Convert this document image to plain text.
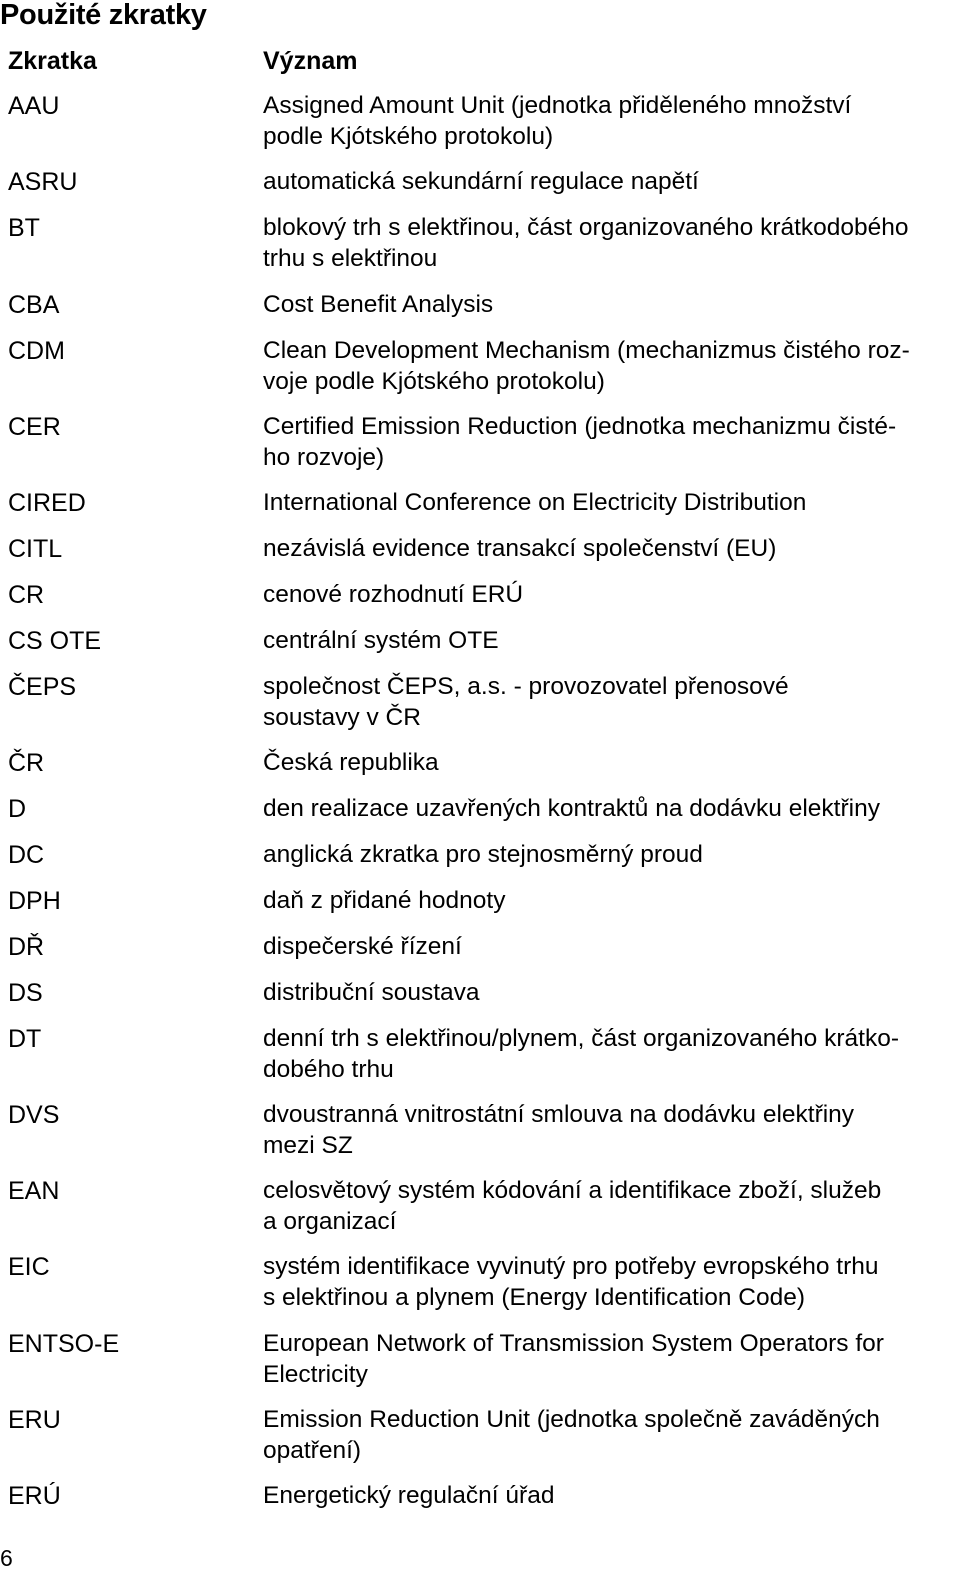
Použité zkratky
Zkratka	Význam
AAU	Assigned Amount Unit (jednotka přiděleného množství
podle Kjótského protokolu)
ASRU	automatická sekundární regulace napětí
BT	blokový trh s elektřinou, část organizovaného krátkodobého
trhu s elektřinou
CBA	Cost Benefit Analysis
CDM	Clean Development Mechanism (mechanizmus čistého roz-
voje podle Kjótského protokolu)
CER	Certified Emission Reduction (jednotka mechanizmu čisté-
ho rozvoje)
CIRED	International Conference on Electricity Distribution
CITL	nezávislá evidence transakcí společenství (EU)
CR	cenové rozhodnutí ERÚ
CS OTE	centrální systém OTE
ČEPS	společnost ČEPS, a.s. - provozovatel přenosové
soustavy v ČR
ČR	Česká republika
D	den realizace uzavřených kontraktů na dodávku elektřiny
DC	anglická zkratka pro stejnosměrný proud
DPH	daň z přidané hodnoty
DŘ	dispečerské řízení
DS	distribuční soustava
DT	denní trh s elektřinou/plynem, část organizovaného krátko-
dobého trhu
DVS	dvoustranná vnitrostátní smlouva na dodávku elektřiny
mezi SZ
EAN	celosvětový systém kódování a identifikace zboží, služeb
a organizací
EIC	systém identifikace vyvinutý pro potřeby evropského trhu
s elektřinou a plynem (Energy Identification Code)
ENTSO-E	European Network of Transmission System Operators for
Electricity
ERU	Emission Reduction Unit (jednotka společně zaváděných
opatření)
ERÚ	Energetický regulační úřad
6
